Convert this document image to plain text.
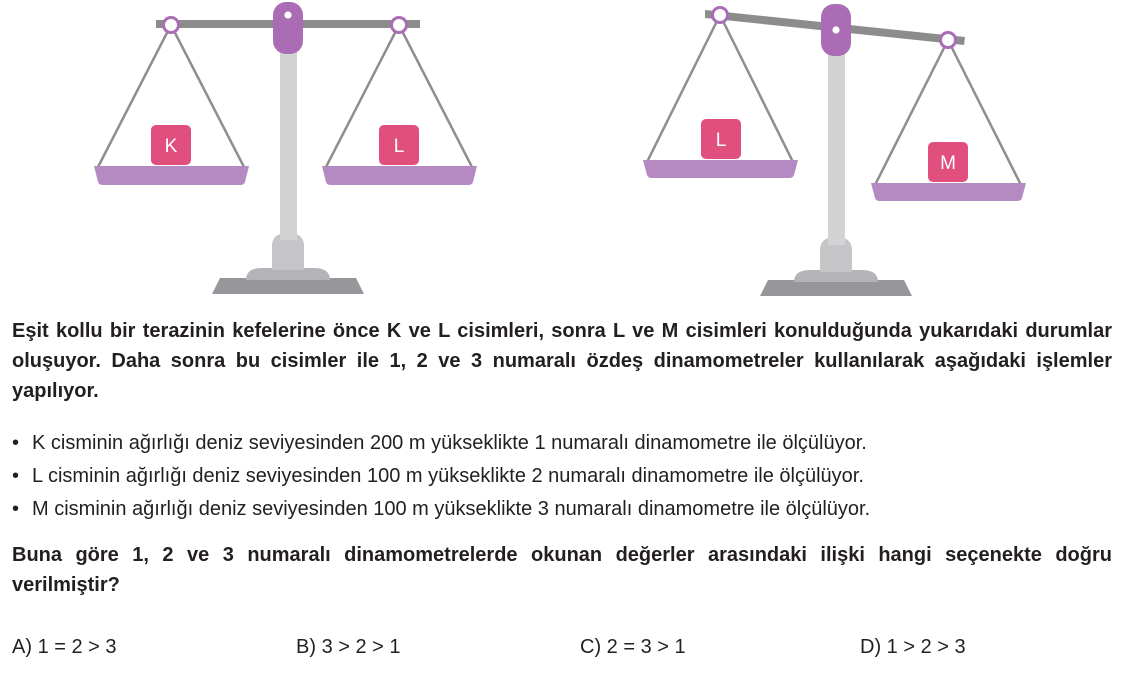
K	L	L
M

Eşit kollu bir terazinin kefelerine önce K ve L cisimleri, sonra L ve M cisimleri konulduğunda yukarıdaki durumlar oluşuyor. Daha sonra bu cisimler ile 1, 2 ve 3 numaralı özdeş dinamometreler kullanılarak aşağıdaki işlemler yapılıyor.

• K cisminin ağırlığı deniz seviyesinden 200 m yükseklikte 1 numaralı dinamometre ile ölçülüyor.
• L cisminin ağırlığı deniz seviyesinden 100 m yükseklikte 2 numaralı dinamometre ile ölçülüyor.
• M cisminin ağırlığı deniz seviyesinden 100 m yükseklikte 3 numaralı dinamometre ile ölçülüyor.

Buna göre 1, 2 ve 3 numaralı dinamometrelerde okunan değerler arasındaki ilişki hangi seçenekte doğru verilmiştir?

A) 1 = 2 > 3	B) 3 > 2 > 1	C) 2 = 3 > 1	D) 1 > 2 > 3
